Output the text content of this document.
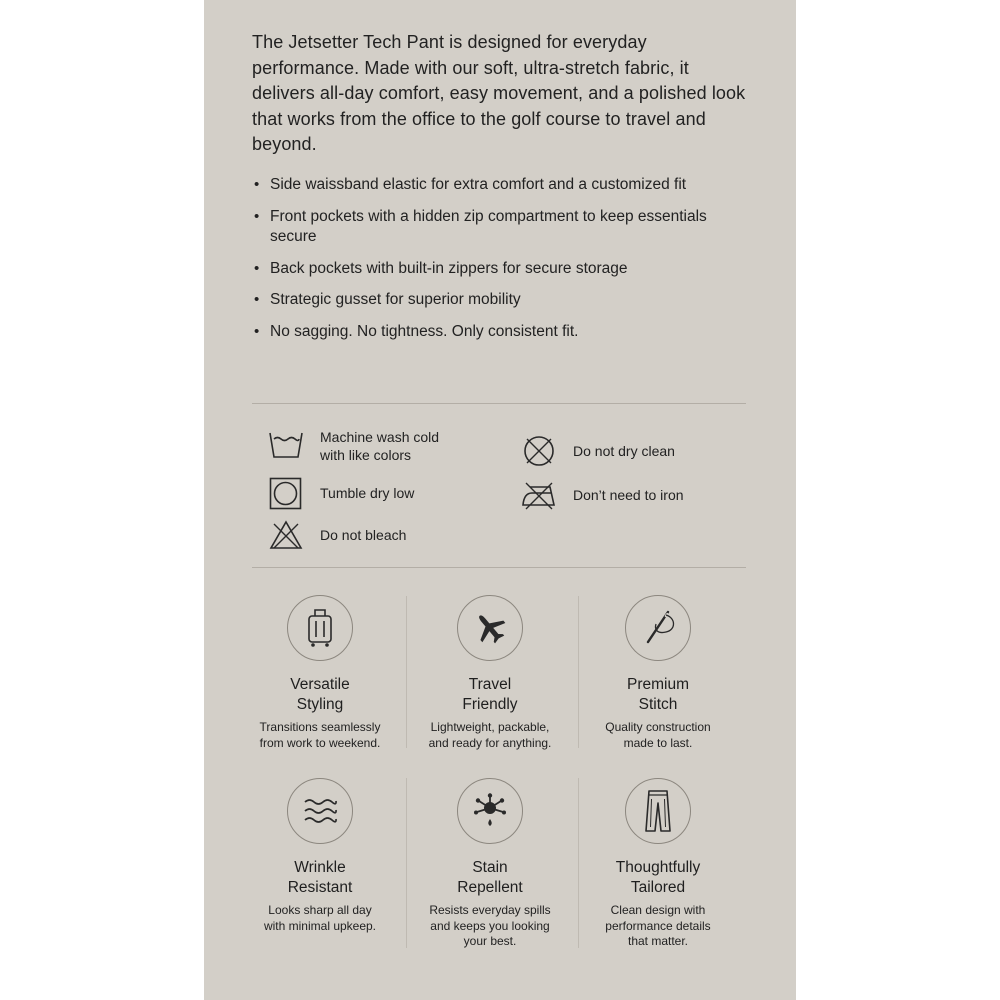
The Jetsetter Tech Pant is designed for everyday performance. Made with our soft, ultra-stretch fabric, it delivers all-day comfort, easy movement, and a polished look that works from the office to the golf course to travel and beyond.

• Side waissband elastic for extra comfort and a customized fit
• Front pockets with a hidden zip compartment to keep essentials secure
• Back pockets with built-in zippers for secure storage
• Strategic gusset for superior mobility
• No sagging. No tightness. Only consistent fit.
Machine wash cold
with like colors
Tumble dry low
Do not bleach
Do not dry clean
Don’t need to iron
Versatile
Styling
Transitions seamlessly
from work to weekend.
Travel
Friendly
Lightweight, packable,
and ready for anything.
Premium
Stitch
Quality construction
made to last.
Wrinkle
Resistant
Looks sharp all day
with minimal upkeep.
Stain
Repellent
Resists everyday spills
and keeps you looking
your best.
Thoughtfully
Tailored
Clean design with
performance details
that matter.
